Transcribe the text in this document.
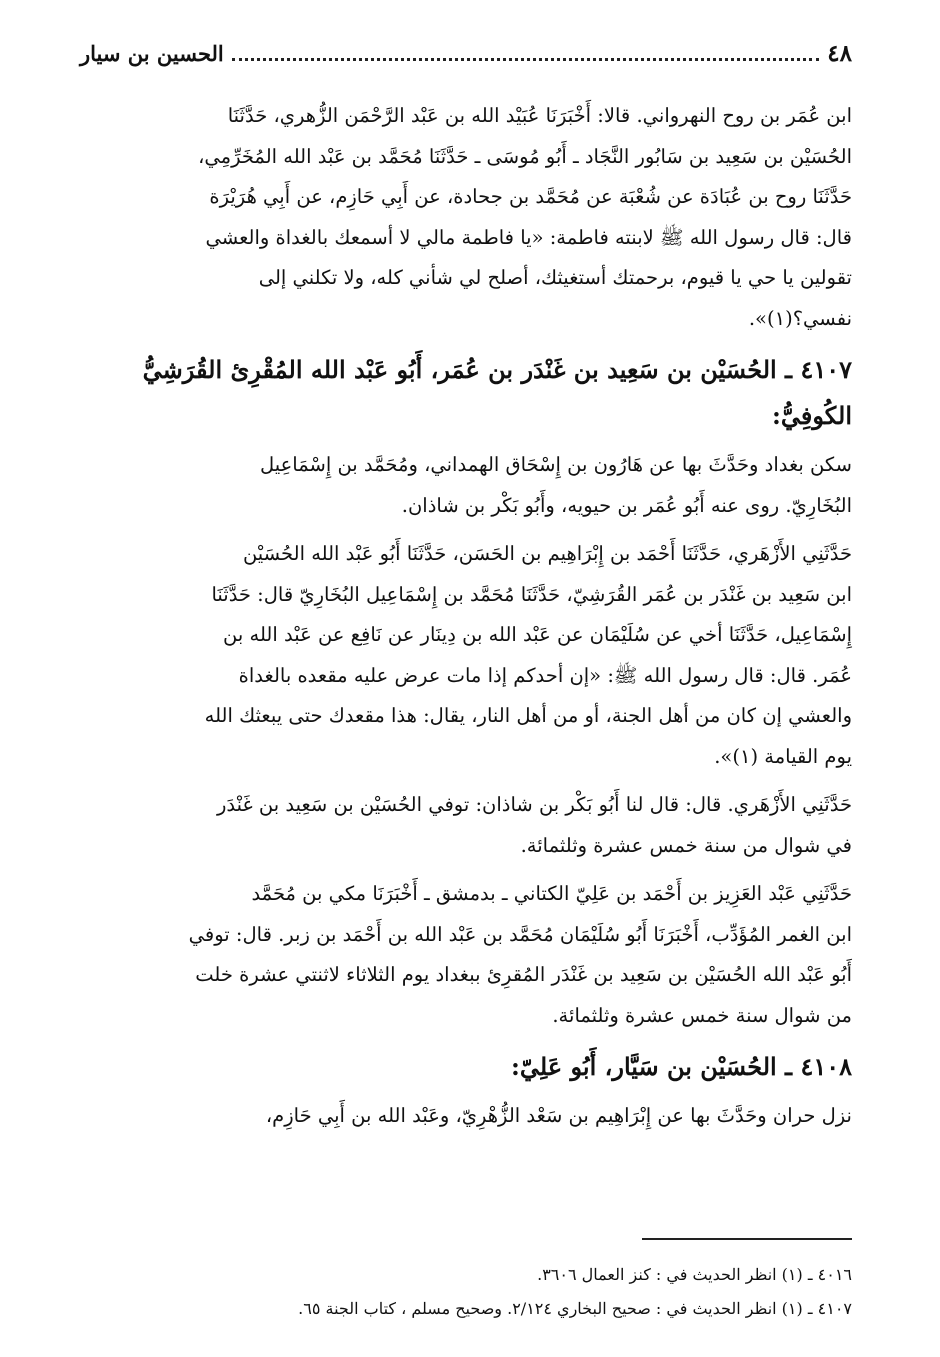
٤٨
الحسين بن سيار
ابن عُمَر بن روح النهرواني. قالا: أَخْبَرَنَا عُبَيْد الله بن عَبْد الرَّحْمَن الزُّهري، حَدَّثَنَا
الحُسَيْن بن سَعِيد بن سَابُور النَّجَاد ـ أَبُو مُوسَى ـ حَدَّثَنَا مُحَمَّد بن عَبْد الله المُخَرِّمِي،
حَدَّثَنَا روح بن عُبَادَة عن شُعْبَة عن مُحَمَّد بن جحادة، عن أَبِي حَازِم، عن أَبِي هُرَيْرَة
قال: قال رسول الله ﷺ لابنته فاطمة: «يا فاطمة مالي لا أسمعك بالغداة والعشي
تقولين يا حي يا قيوم، برحمتك أستغيثك، أصلح لي شأني كله، ولا تكلني إلى
نفسي؟(١)».
٤١٠٧ ـ الحُسَيْن بن سَعِيد بن غَنْدَر بن عُمَر، أَبُو عَبْد الله المُقْرِئ القُرَشِيُّ
الكُوفِيُّ:
سكن بغداد وحَدَّثَ بها عن هَارُون بن إِسْحَاق الهمداني، ومُحَمَّد بن إِسْمَاعِيل
البُخَارِيّ. روى عنه أَبُو عُمَر بن حيويه، وأَبُو بَكْر بن شاذان.
حَدَّثَنِي الأَزْهَري، حَدَّثَنَا أَحْمَد بن إِبْرَاهِيم بن الحَسَن، حَدَّثَنَا أَبُو عَبْد الله الحُسَيْن
ابن سَعِيد بن غَنْدَر بن عُمَر القُرَشِيّ، حَدَّثَنَا مُحَمَّد بن إِسْمَاعِيل البُخَارِيّ قال: حَدَّثَنَا
إِسْمَاعِيل، حَدَّثَنَا أخي عن سُلَيْمَان عن عَبْد الله بن دِينَار عن نَافِع عن عَبْد الله بن
عُمَر. قال: قال رسول الله ﷺ: «إن أحدكم إذا مات عرض عليه مقعده بالغداة
والعشي إن كان من أهل الجنة، أو من أهل النار، يقال: هذا مقعدك حتى يبعثك الله
يوم القيامة (١)».
حَدَّثَنِي الأَزْهَري. قال: قال لنا أَبُو بَكْر بن شاذان: توفي الحُسَيْن بن سَعِيد بن غَنْدَر
في شوال من سنة خمس عشرة وثلثمائة.
حَدَّثَنِي عَبْد العَزِيز بن أَحْمَد بن عَلِيّ الكتاني ـ بدمشق ـ أَخْبَرَنَا مكي بن مُحَمَّد
ابن الغمر المُؤَدِّب، أَخْبَرَنَا أَبُو سُلَيْمَان مُحَمَّد بن عَبْد الله بن أَحْمَد بن زبر. قال: توفي
أَبُو عَبْد الله الحُسَيْن بن سَعِيد بن غَنْدَر المُقرِئ ببغداد يوم الثلاثاء لاثنتي عشرة خلت
من شوال سنة خمس عشرة وثلثمائة.
٤١٠٨ ـ الحُسَيْن بن سَيَّار، أَبُو عَلِيّ:
نزل حران وحَدَّثَ بها عن إِبْرَاهِيم بن سَعْد الزُّهْرِيّ، وعَبْد الله بن أَبِي حَازِم،
٤٠١٦ ـ (١) انظر الحديث في : كنز العمال ٣٦٠٦.
٤١٠٧ ـ (١) انظر الحديث في : صحيح البخاري ٢/١٢٤. وصحيح مسلم ، كتاب الجنة ٦٥.
